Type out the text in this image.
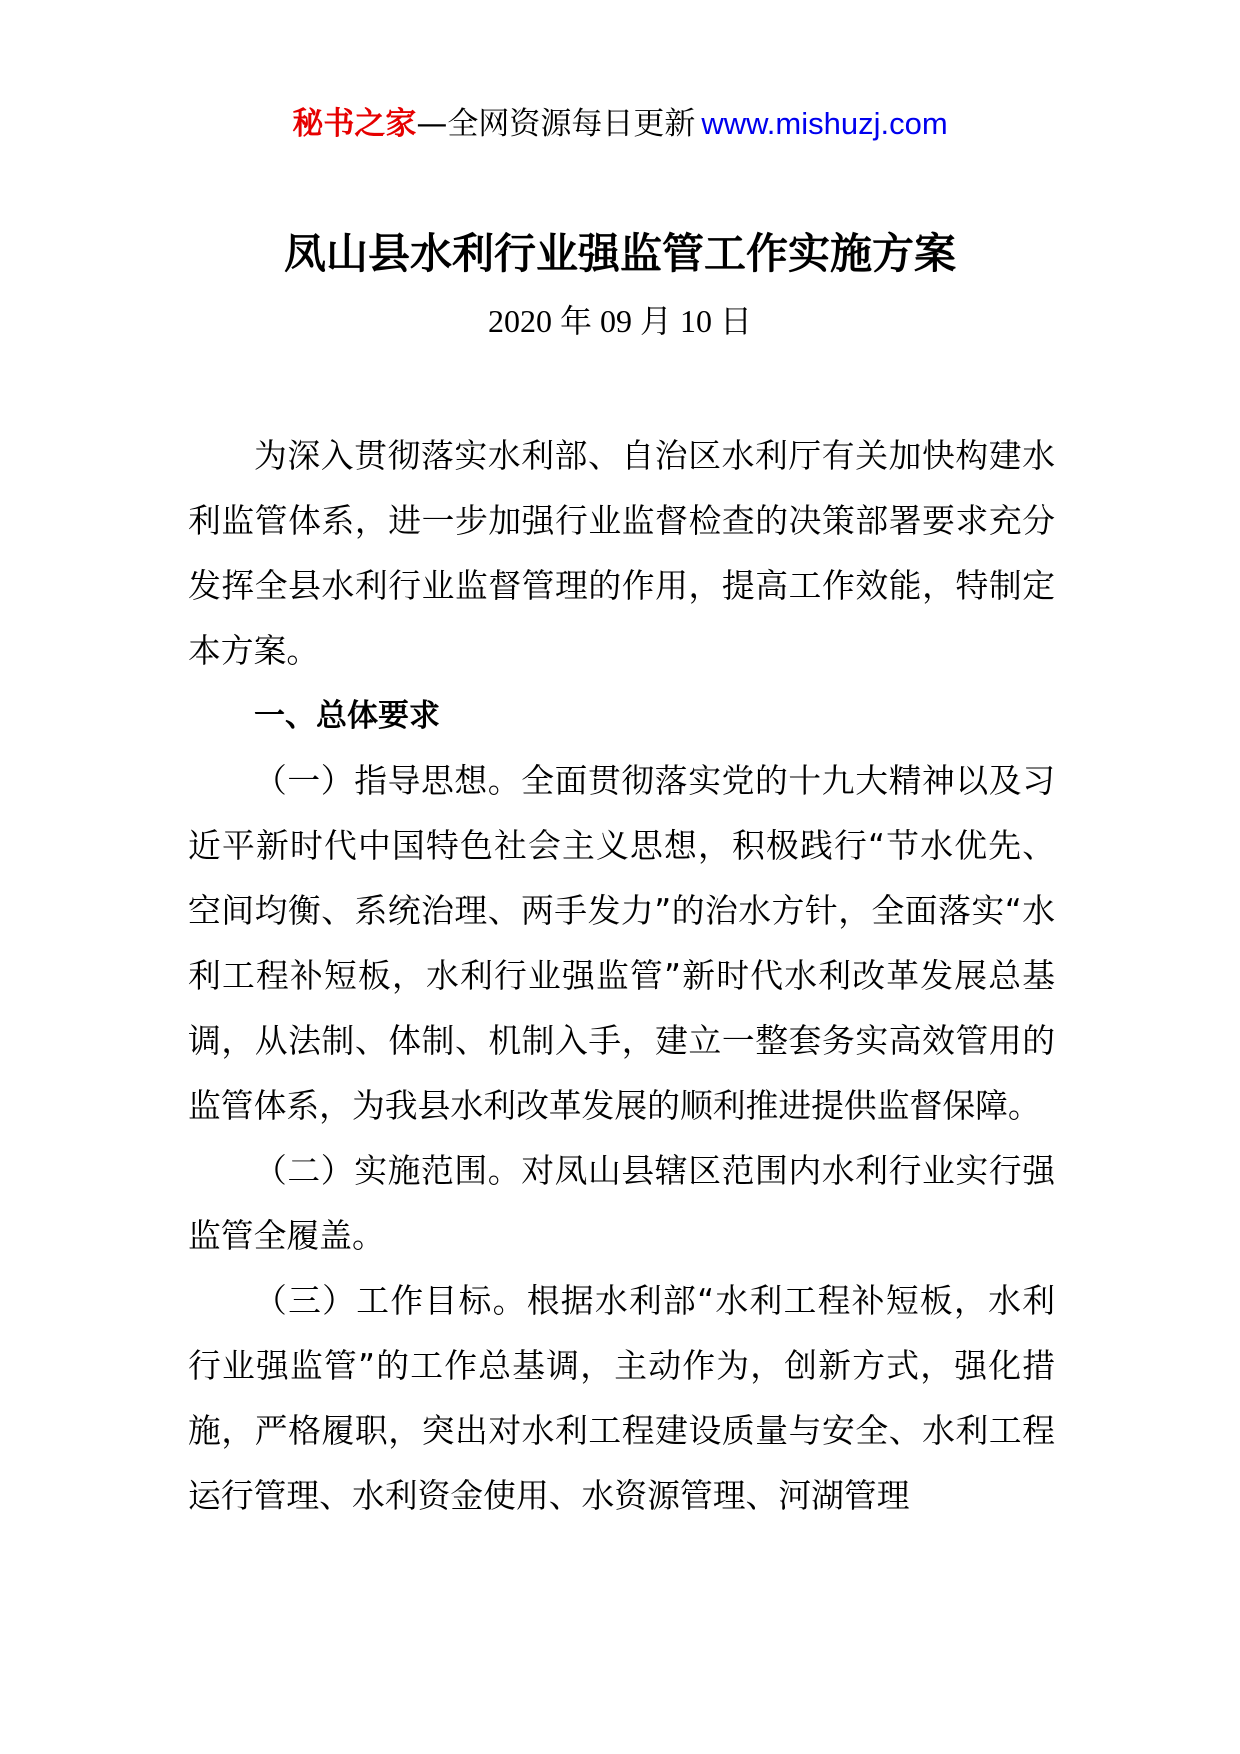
秘书之家—全网资源每日更新 www.mishuzj.com
凤山县水利行业强监管工作实施方案
2020 年 09 月 10 日

为深入贯彻落实水利部、自治区水利厅有关加快构建水利监管体系，进一步加强行业监督检查的决策部署要求充分发挥全县水利行业监督管理的作用，提高工作效能，特制定本方案。

一、总体要求

（一）指导思想。全面贯彻落实党的十九大精神以及习近平新时代中国特色社会主义思想，积极践行“节水优先、空间均衡、系统治理、两手发力”的治水方针，全面落实“水利工程补短板，水利行业强监管”新时代水利改革发展总基调，从法制、体制、机制入手，建立一整套务实高效管用的监管体系，为我县水利改革发展的顺利推进提供监督保障。

（二）实施范围。对凤山县辖区范围内水利行业实行强监管全履盖。

（三）工作目标。根据水利部“水利工程补短板，水利行业强监管”的工作总基调，主动作为，创新方式，强化措施，严格履职，突出对水利工程建设质量与安全、水利工程运行管理、水利资金使用、水资源管理、河湖管理
